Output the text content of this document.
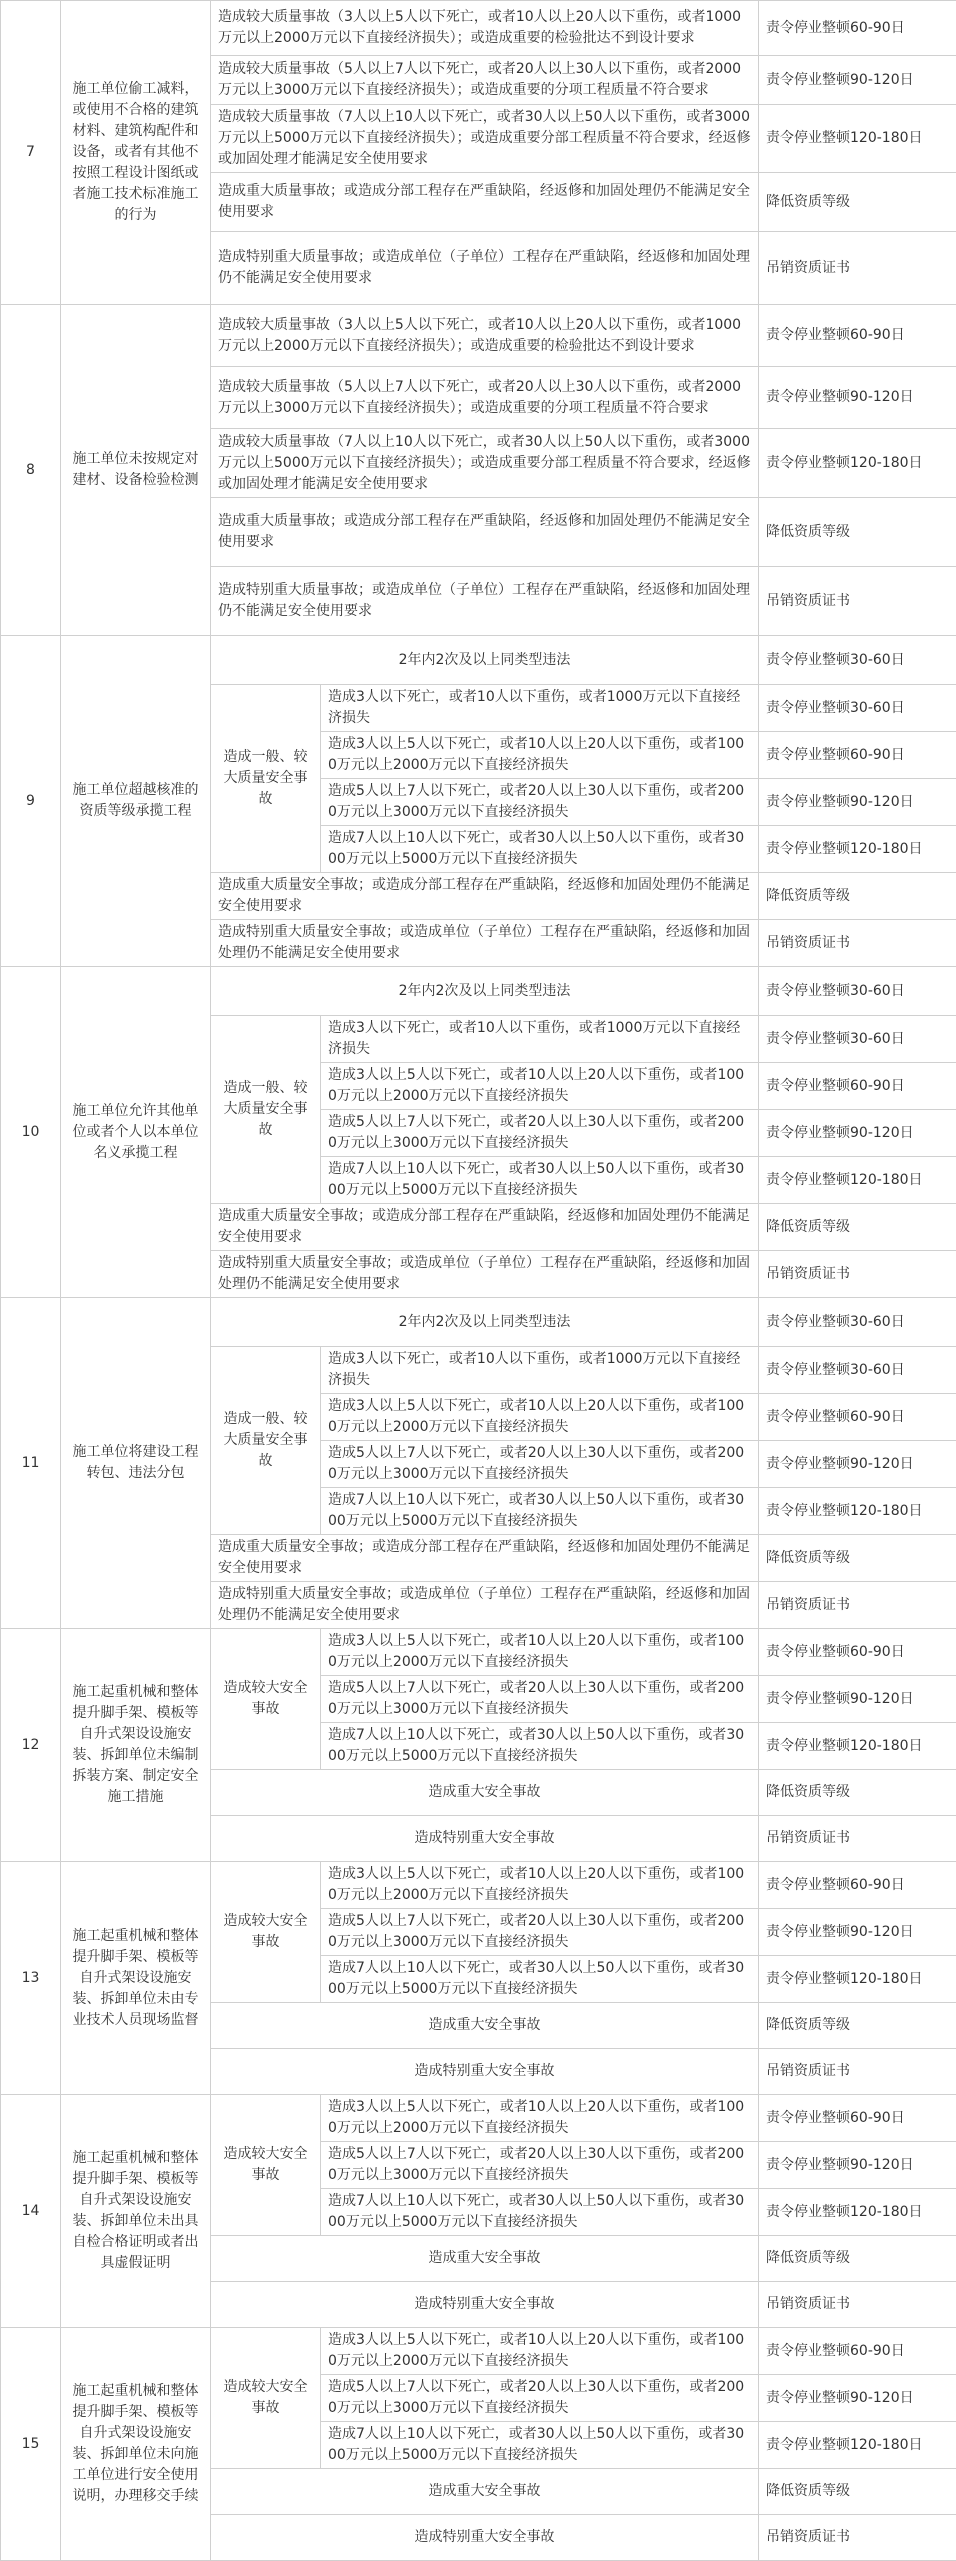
7	施工单位偷工减料，或使用不合格的建筑材料、建筑构配件和设备，或者有其他不按照工程设计图纸或者施工技术标准施工的行为	造成较大质量事故（3人以上5人以下死亡，或者10人以上20人以下重伤，或者1000万元以上2000万元以下直接经济损失）；或造成重要的检验批达不到设计要求		责令停业整顿60-90日
		造成较大质量事故（5人以上7人以下死亡，或者20人以上30人以下重伤，或者2000万元以上3000万元以下直接经济损失）；或造成重要的分项工程质量不符合要求		责令停业整顿90-120日
		造成较大质量事故（7人以上10人以下死亡，或者30人以上50人以下重伤，或者3000万元以上5000万元以下直接经济损失）；或造成重要分部工程质量不符合要求，经返修或加固处理才能满足安全使用要求		责令停业整顿120-180日
		造成重大质量事故；或造成分部工程存在严重缺陷，经返修和加固处理仍不能满足安全使用要求		降低资质等级
		造成特别重大质量事故；或造成单位（子单位）工程存在严重缺陷，经返修和加固处理仍不能满足安全使用要求		吊销资质证书
8	施工单位未按规定对建材、设备检验检测	造成较大质量事故（3人以上5人以下死亡，或者10人以上20人以下重伤，或者1000万元以上2000万元以下直接经济损失）；或造成重要的检验批达不到设计要求		责令停业整顿60-90日
		造成较大质量事故（5人以上7人以下死亡，或者20人以上30人以下重伤，或者2000万元以上3000万元以下直接经济损失）；或造成重要的分项工程质量不符合要求		责令停业整顿90-120日
		造成较大质量事故（7人以上10人以下死亡，或者30人以上50人以下重伤，或者3000万元以上5000万元以下直接经济损失）；或造成重要分部工程质量不符合要求，经返修或加固处理才能满足安全使用要求		责令停业整顿120-180日
		造成重大质量事故；或造成分部工程存在严重缺陷，经返修和加固处理仍不能满足安全使用要求		降低资质等级
		造成特别重大质量事故；或造成单位（子单位）工程存在严重缺陷，经返修和加固处理仍不能满足安全使用要求		吊销资质证书
9	施工单位超越核准的资质等级承揽工程	2年内2次及以上同类型违法		责令停业整顿30-60日
		造成一般、较大质量安全事故	造成3人以下死亡，或者10人以下重伤，或者1000万元以下直接经济损失	责令停业整顿30-60日
			造成3人以上5人以下死亡，或者10人以上20人以下重伤，或者1000万元以上2000万元以下直接经济损失	责令停业整顿60-90日
			造成5人以上7人以下死亡，或者20人以上30人以下重伤，或者2000万元以上3000万元以下直接经济损失	责令停业整顿90-120日
			造成7人以上10人以下死亡，或者30人以上50人以下重伤，或者3000万元以上5000万元以下直接经济损失	责令停业整顿120-180日

		造成重大质量安全事故；或造成分部工程存在严重缺陷，经返修和加固处理仍不能满足安全使用要求		降低资质等级
		造成特别重大质量安全事故；或造成单位（子单位）工程存在严重缺陷，经返修和加固处理仍不能满足安全使用要求		吊销资质证书
10	施工单位允许其他单位或者个人以本单位名义承揽工程	2年内2次及以上同类型违法		责令停业整顿30-60日
		造成一般、较大质量安全事故	造成3人以下死亡，或者10人以下重伤，或者1000万元以下直接经济损失	责令停业整顿30-60日
			造成3人以上5人以下死亡，或者10人以上20人以下重伤，或者1000万元以上2000万元以下直接经济损失	责令停业整顿60-90日
			造成5人以上7人以下死亡，或者20人以上30人以下重伤，或者2000万元以上3000万元以下直接经济损失	责令停业整顿90-120日
			造成7人以上10人以下死亡，或者30人以上50人以下重伤，或者3000万元以上5000万元以下直接经济损失	责令停业整顿120-180日

		造成重大质量安全事故；或造成分部工程存在严重缺陷，经返修和加固处理仍不能满足安全使用要求		降低资质等级
		造成特别重大质量安全事故；或造成单位（子单位）工程存在严重缺陷，经返修和加固处理仍不能满足安全使用要求		吊销资质证书
11	施工单位将建设工程转包、违法分包	2年内2次及以上同类型违法		责令停业整顿30-60日
		造成一般、较大质量安全事故	造成3人以下死亡，或者10人以下重伤，或者1000万元以下直接经济损失	责令停业整顿30-60日
			造成3人以上5人以下死亡，或者10人以上20人以下重伤，或者1000万元以上2000万元以下直接经济损失	责令停业整顿60-90日
			造成5人以上7人以下死亡，或者20人以上30人以下重伤，或者2000万元以上3000万元以下直接经济损失	责令停业整顿90-120日
			造成7人以上10人以下死亡，或者30人以上50人以下重伤，或者3000万元以上5000万元以下直接经济损失	责令停业整顿120-180日

		造成重大质量安全事故；或造成分部工程存在严重缺陷，经返修和加固处理仍不能满足安全使用要求		降低资质等级
		造成特别重大质量安全事故；或造成单位（子单位）工程存在严重缺陷，经返修和加固处理仍不能满足安全使用要求		吊销资质证书
12	施工起重机械和整体提升脚手架、模板等自升式架设设施安装、拆卸单位未编制拆装方案、制定安全施工措施	造成较大安全事故	造成3人以上5人以下死亡，或者10人以上20人以下重伤，或者1000万元以上2000万元以下直接经济损失	责令停业整顿60-90日
			造成5人以上7人以下死亡，或者20人以上30人以下重伤，或者2000万元以上3000万元以下直接经济损失	责令停业整顿90-120日
			造成7人以上10人以下死亡，或者30人以上50人以下重伤，或者3000万元以上5000万元以下直接经济损失	责令停业整顿120-180日
		造成重大安全事故		降低资质等级
		造成特别重大安全事故		吊销资质证书
13	施工起重机械和整体提升脚手架、模板等自升式架设设施安装、拆卸单位未由专业技术人员现场监督	造成较大安全事故	造成3人以上5人以下死亡，或者10人以上20人以下重伤，或者1000万元以上2000万元以下直接经济损失	责令停业整顿60-90日
			造成5人以上7人以下死亡，或者20人以上30人以下重伤，或者2000万元以上3000万元以下直接经济损失	责令停业整顿90-120日
			造成7人以上10人以下死亡，或者30人以上50人以下重伤，或者3000万元以上5000万元以下直接经济损失	责令停业整顿120-180日
		造成重大安全事故		降低资质等级
		造成特别重大安全事故		吊销资质证书
14	施工起重机械和整体提升脚手架、模板等自升式架设设施安装、拆卸单位未出具自检合格证明或者出具虚假证明	造成较大安全事故	造成3人以上5人以下死亡，或者10人以上20人以下重伤，或者1000万元以上2000万元以下直接经济损失	责令停业整顿60-90日
			造成5人以上7人以下死亡，或者20人以上30人以下重伤，或者2000万元以上3000万元以下直接经济损失	责令停业整顿90-120日
			造成7人以上10人以下死亡，或者30人以上50人以下重伤，或者3000万元以上5000万元以下直接经济损失	责令停业整顿120-180日
		造成重大安全事故		降低资质等级
		造成特别重大安全事故		吊销资质证书
15	施工起重机械和整体提升脚手架、模板等自升式架设设施安装、拆卸单位未向施工单位进行安全使用说明，办理移交手续	造成较大安全事故	造成3人以上5人以下死亡，或者10人以上20人以下重伤，或者1000万元以上2000万元以下直接经济损失	责令停业整顿60-90日
			造成5人以上7人以下死亡，或者20人以上30人以下重伤，或者2000万元以上3000万元以下直接经济损失	责令停业整顿90-120日
			造成7人以上10人以下死亡，或者30人以上50人以下重伤，或者3000万元以上5000万元以下直接经济损失	责令停业整顿120-180日
		造成重大安全事故		降低资质等级
		造成特别重大安全事故		吊销资质证书
